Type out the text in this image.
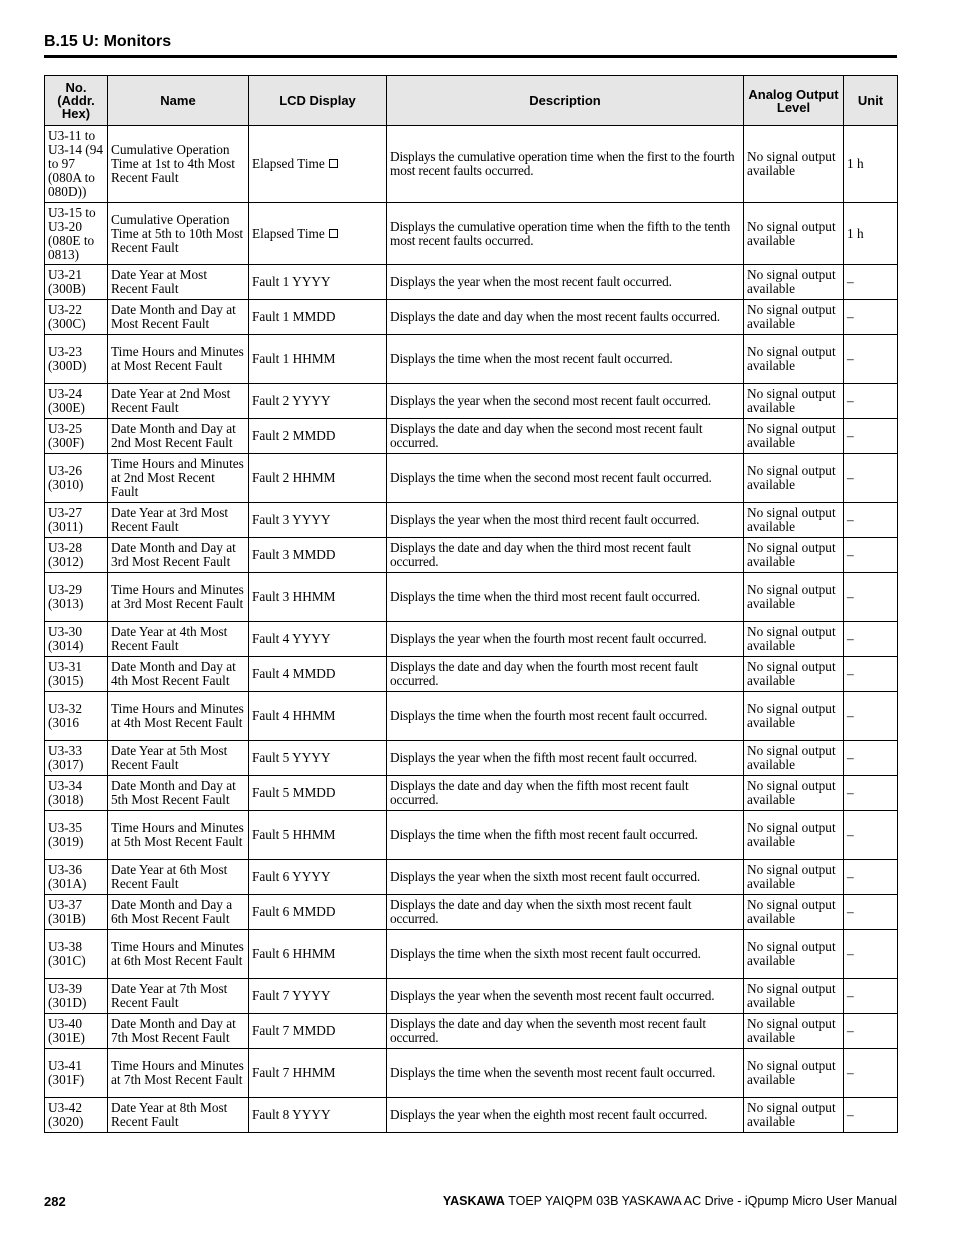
B.15 U: Monitors
No. (Addr. Hex)	Name	LCD Display	Description	Analog Output Level	Unit
U3-11 to U3-14 (94 to 97 (080A to 080D))	Cumulative Operation Time at 1st to 4th Most Recent Fault	Elapsed Time	Displays the cumulative operation time when the first to the fourth most recent faults occurred.	No signal output available	1 h
U3-15 to U3-20 (080E to 0813)	Cumulative Operation Time at 5th to 10th Most Recent Fault	Elapsed Time	Displays the cumulative operation time when the fifth to the tenth most recent faults occurred.	No signal output available	1 h
U3-21 (300B)	Date Year at Most Recent Fault	Fault 1 YYYY	Displays the year when the most recent fault occurred.	No signal output available	–
U3-22 (300C)	Date Month and Day at Most Recent Fault	Fault 1 MMDD	Displays the date and day when the most recent faults occurred.	No signal output available	–
U3-23 (300D)	Time Hours and Minutes at Most Recent Fault	Fault 1 HHMM	Displays the time when the most recent fault occurred.	No signal output available	–
U3-24 (300E)	Date Year at 2nd Most Recent Fault	Fault 2 YYYY	Displays the year when the second most recent fault occurred.	No signal output available	–
U3-25 (300F)	Date Month and Day at 2nd Most Recent Fault	Fault 2 MMDD	Displays the date and day when the second most recent fault occurred.	No signal output available	–
U3-26 (3010)	Time Hours and Minutes at 2nd Most Recent Fault	Fault 2 HHMM	Displays the time when the second most recent fault occurred.	No signal output available	–
U3-27 (3011)	Date Year at 3rd Most Recent Fault	Fault 3 YYYY	Displays the year when the most third recent fault occurred.	No signal output available	–
U3-28 (3012)	Date Month and Day at 3rd Most Recent Fault	Fault 3 MMDD	Displays the date and day when the third most recent fault occurred.	No signal output available	–
U3-29 (3013)	Time Hours and Minutes at 3rd Most Recent Fault	Fault 3 HHMM	Displays the time when the third most recent fault occurred.	No signal output available	–
U3-30 (3014)	Date Year at 4th Most Recent Fault	Fault 4 YYYY	Displays the year when the fourth most recent fault occurred.	No signal output available	–
U3-31 (3015)	Date Month and Day at 4th Most Recent Fault	Fault 4 MMDD	Displays the date and day when the fourth most recent fault occurred.	No signal output available	–
U3-32 (3016	Time Hours and Minutes at 4th Most Recent Fault	Fault 4 HHMM	Displays the time when the fourth most recent fault occurred.	No signal output available	–
U3-33 (3017)	Date Year at 5th Most Recent Fault	Fault 5 YYYY	Displays the year when the fifth most recent fault occurred.	No signal output available	–
U3-34 (3018)	Date Month and Day at 5th Most Recent Fault	Fault 5 MMDD	Displays the date and day when the fifth most recent fault occurred.	No signal output available	–
U3-35 (3019)	Time Hours and Minutes at 5th Most Recent Fault	Fault 5 HHMM	Displays the time when the fifth most recent fault occurred.	No signal output available	–
U3-36 (301A)	Date Year at 6th Most Recent Fault	Fault 6 YYYY	Displays the year when the sixth most recent fault occurred.	No signal output available	–
U3-37 (301B)	Date Month and Day a 6th Most Recent Fault	Fault 6 MMDD	Displays the date and day when the sixth most recent fault occurred.	No signal output available	–
U3-38 (301C)	Time Hours and Minutes at 6th Most Recent Fault	Fault 6 HHMM	Displays the time when the sixth most recent fault occurred.	No signal output available	–
U3-39 (301D)	Date Year at 7th Most Recent Fault	Fault 7 YYYY	Displays the year when the seventh most recent fault occurred.	No signal output available	–
U3-40 (301E)	Date Month and Day at 7th Most Recent Fault	Fault 7 MMDD	Displays the date and day when the seventh most recent fault occurred.	No signal output available	–
U3-41 (301F)	Time Hours and Minutes at 7th Most Recent Fault	Fault 7 HHMM	Displays the time when the seventh most recent fault occurred.	No signal output available	–
U3-42 (3020)	Date Year at 8th Most Recent Fault	Fault 8 YYYY	Displays the year when the eighth most recent fault occurred.	No signal output available	–
282	YASKAWA TOEP YAIQPM 03B YASKAWA AC Drive - iQpump Micro User Manual
